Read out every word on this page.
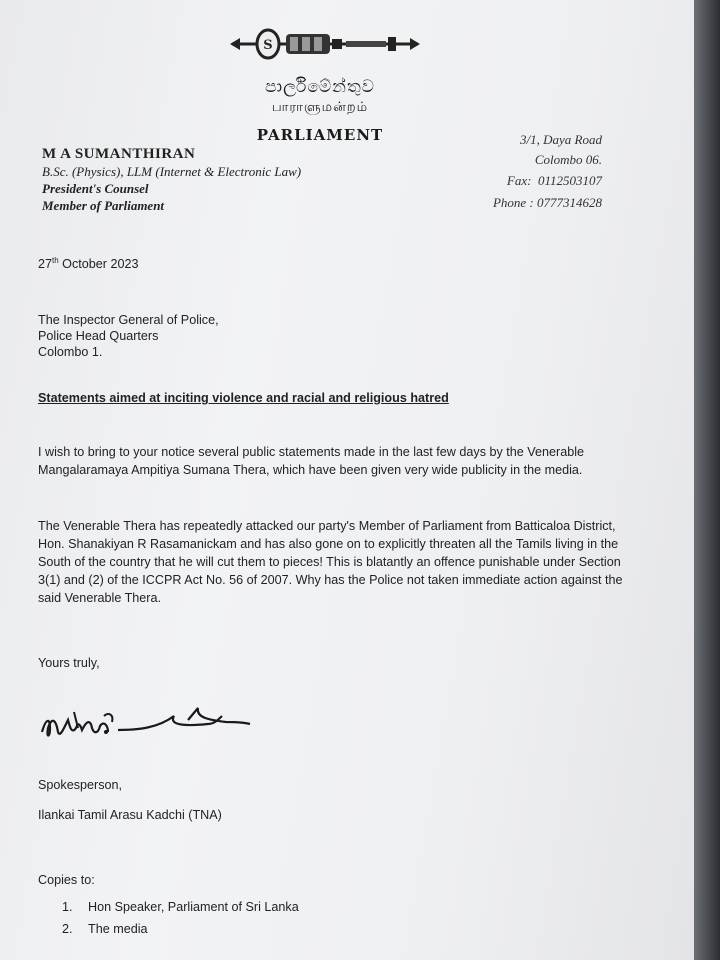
S
පාර්ලිමේන්තුව
பாராளுமன்றம்
PARLIAMENT
M A SUMANTHIRAN
B.Sc. (Physics), LLM (Internet & Electronic Law)
President's Counsel
Member of Parliament
3/1, Daya Road
Colombo 06.
Fax: 0112503107
Phone : 0777314628
27th October 2023
The Inspector General of Police,
Police Head Quarters
Colombo 1.
Statements aimed at inciting violence and racial and religious hatred
I wish to bring to your notice several public statements made in the last few days by the Venerable Mangalaramaya Ampitiya Sumana Thera, which have been given very wide publicity in the media.
The Venerable Thera has repeatedly attacked our party's Member of Parliament from Batticaloa District, Hon. Shanakiyan R Rasamanickam and has also gone on to explicitly threaten all the Tamils living in the South of the country that he will cut them to pieces! This is blatantly an offence punishable under Section 3(1) and (2) of the ICCPR Act No. 56 of 2007. Why has the Police not taken immediate action against the said Venerable Thera.
Yours truly,
Spokesperson,
Ilankai Tamil Arasu Kadchi (TNA)
Copies to:
1. Hon Speaker, Parliament of Sri Lanka
2. The media
